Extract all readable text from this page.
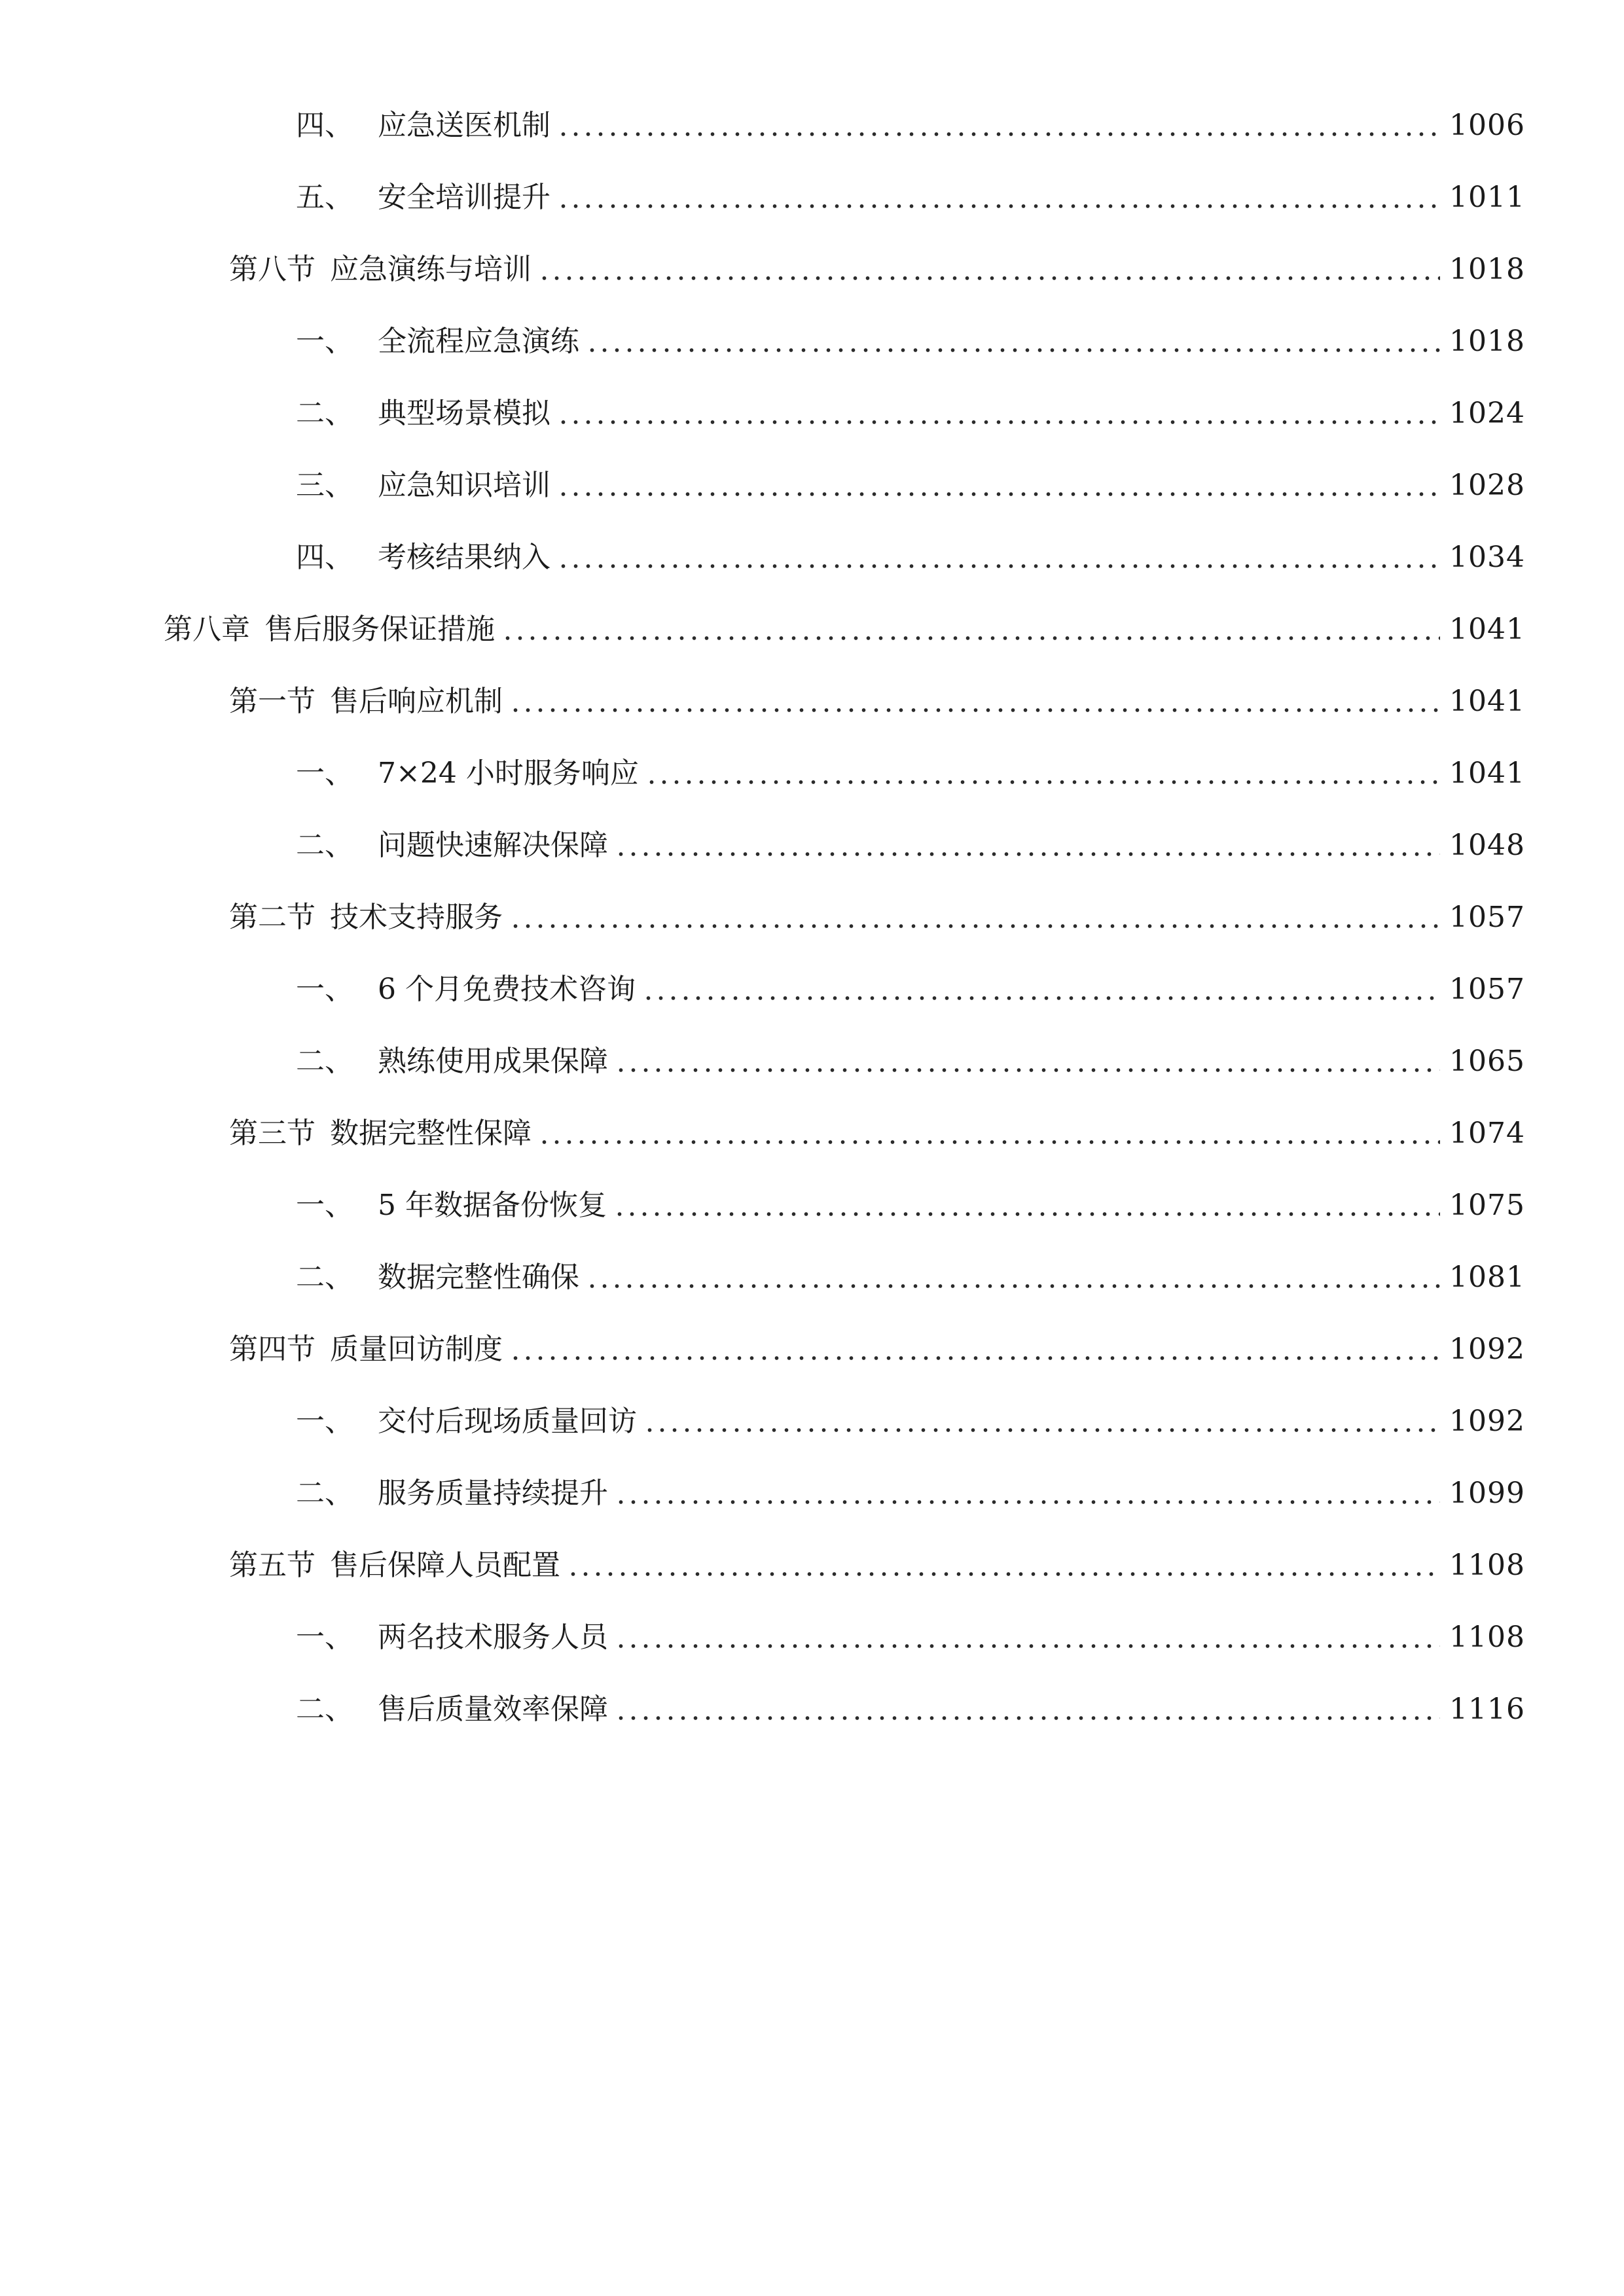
四、 应急送医机制	1006
五、 安全培训提升	1011
第八节 应急演练与培训	1018
一、 全流程应急演练	1018
二、 典型场景模拟	1024
三、 应急知识培训	1028
四、 考核结果纳入	1034
第八章 售后服务保证措施	1041
第一节 售后响应机制	1041
一、 7×24 小时服务响应	1041
二、 问题快速解决保障	1048
第二节 技术支持服务	1057
一、 6 个月免费技术咨询	1057
二、 熟练使用成果保障	1065
第三节 数据完整性保障	1074
一、 5 年数据备份恢复	1075
二、 数据完整性确保	1081
第四节 质量回访制度	1092
一、 交付后现场质量回访	1092
二、 服务质量持续提升	1099
第五节 售后保障人员配置	1108
一、 两名技术服务人员	1108
二、 售后质量效率保障	1116
